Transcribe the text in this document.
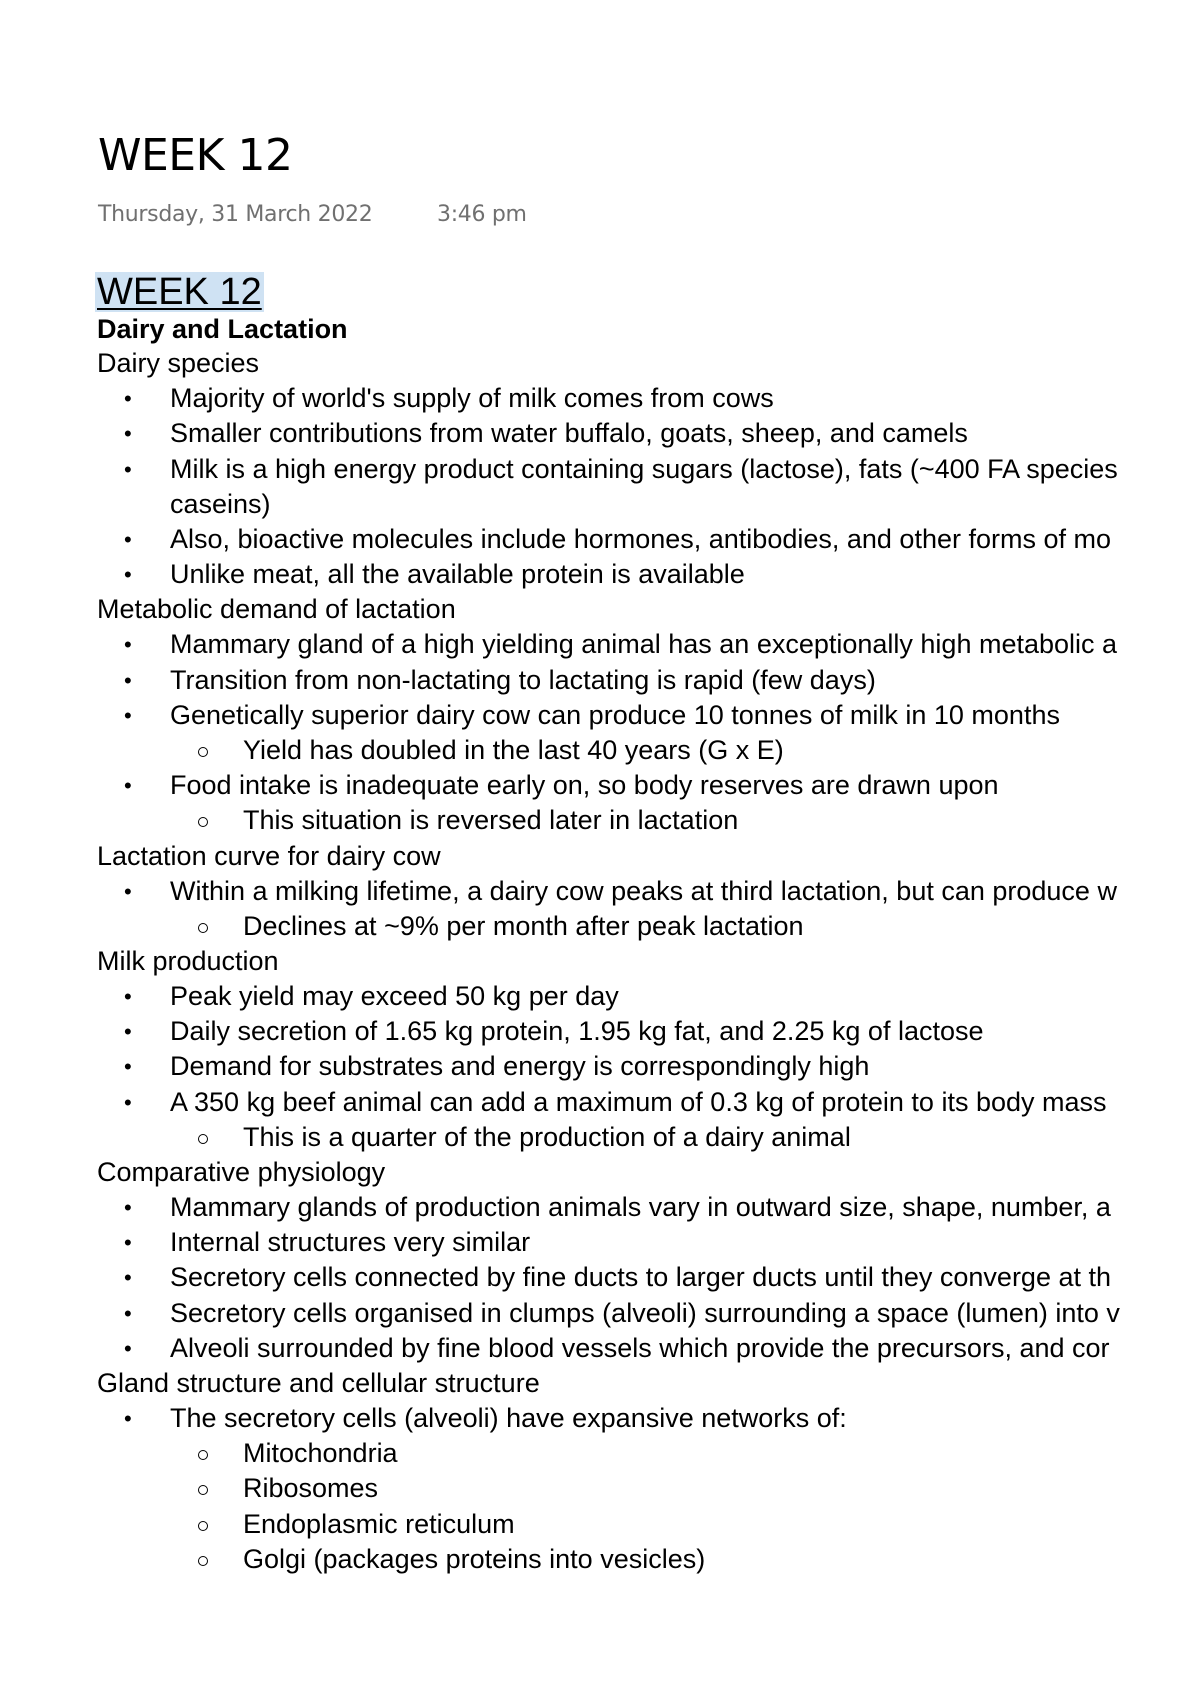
WEEK 12
Thursday, 31 March 2022	3:46 pm
WEEK 12
Dairy and Lactation
Dairy species
• Majority of world's supply of milk comes from cows
• Smaller contributions from water buffalo, goats, sheep, and camels
• Milk is a high energy product containing sugars (lactose), fats (~400 FA species
caseins)
• Also, bioactive molecules include hormones, antibodies, and other forms of mo
• Unlike meat, all the available protein is available
Metabolic demand of lactation
• Mammary gland of a high yielding animal has an exceptionally high metabolic a
• Transition from non-lactating to lactating is rapid (few days)
• Genetically superior dairy cow can produce 10 tonnes of milk in 10 months
Yield has doubled in the last 40 years (G x E)
• Food intake is inadequate early on, so body reserves are drawn upon
This situation is reversed later in lactation
Lactation curve for dairy cow
• Within a milking lifetime, a dairy cow peaks at third lactation, but can produce w
Declines at ~9% per month after peak lactation
Milk production
• Peak yield may exceed 50 kg per day
• Daily secretion of 1.65 kg protein, 1.95 kg fat, and 2.25 kg of lactose
• Demand for substrates and energy is correspondingly high
• A 350 kg beef animal can add a maximum of 0.3 kg of protein to its body mass
This is a quarter of the production of a dairy animal
Comparative physiology
• Mammary glands of production animals vary in outward size, shape, number, a
• Internal structures very similar
• Secretory cells connected by fine ducts to larger ducts until they converge at th
• Secretory cells organised in clumps (alveoli) surrounding a space (lumen) into v
• Alveoli surrounded by fine blood vessels which provide the precursors, and cor
Gland structure and cellular structure
• The secretory cells (alveoli) have expansive networks of:
Mitochondria
Ribosomes
Endoplasmic reticulum
Golgi (packages proteins into vesicles)
